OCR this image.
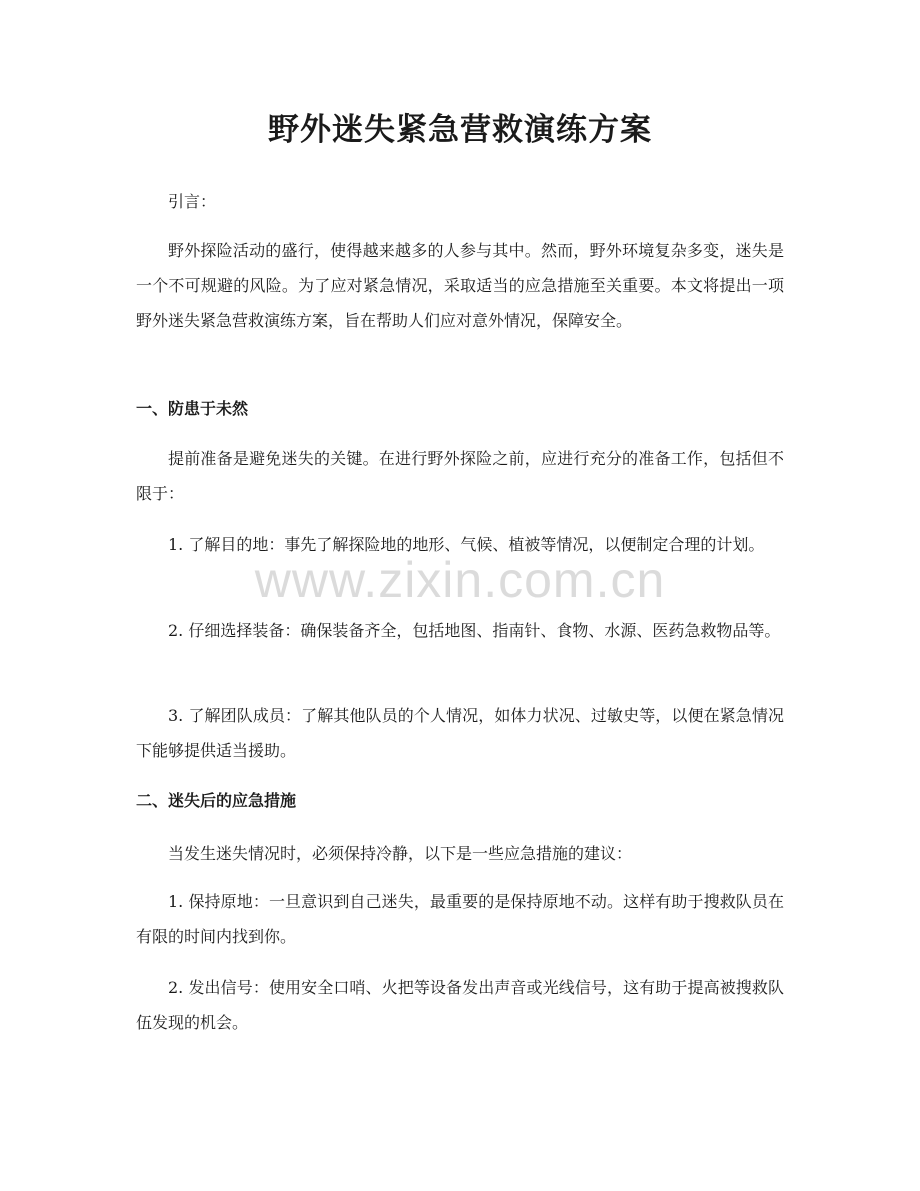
野外迷失紧急营救演练方案

引言：

野外探险活动的盛行，使得越来越多的人参与其中。然而，野外环境复杂多变，迷失是一个不可规避的风险。为了应对紧急情况，采取适当的应急措施至关重要。本文将提出一项野外迷失紧急营救演练方案，旨在帮助人们应对意外情况，保障安全。

一、防患于未然

提前准备是避免迷失的关键。在进行野外探险之前，应进行充分的准备工作，包括但不限于：

1. 了解目的地：事先了解探险地的地形、气候、植被等情况，以便制定合理的计划。

2. 仔细选择装备：确保装备齐全，包括地图、指南针、食物、水源、医药急救物品等。

3. 了解团队成员：了解其他队员的个人情况，如体力状况、过敏史等，以便在紧急情况下能够提供适当援助。

二、迷失后的应急措施

当发生迷失情况时，必须保持冷静，以下是一些应急措施的建议：

1. 保持原地：一旦意识到自己迷失，最重要的是保持原地不动。这样有助于搜救队员在有限的时间内找到你。

2. 发出信号：使用安全口哨、火把等设备发出声音或光线信号，这有助于提高被搜救队伍发现的机会。

www.zixin.com.cn
